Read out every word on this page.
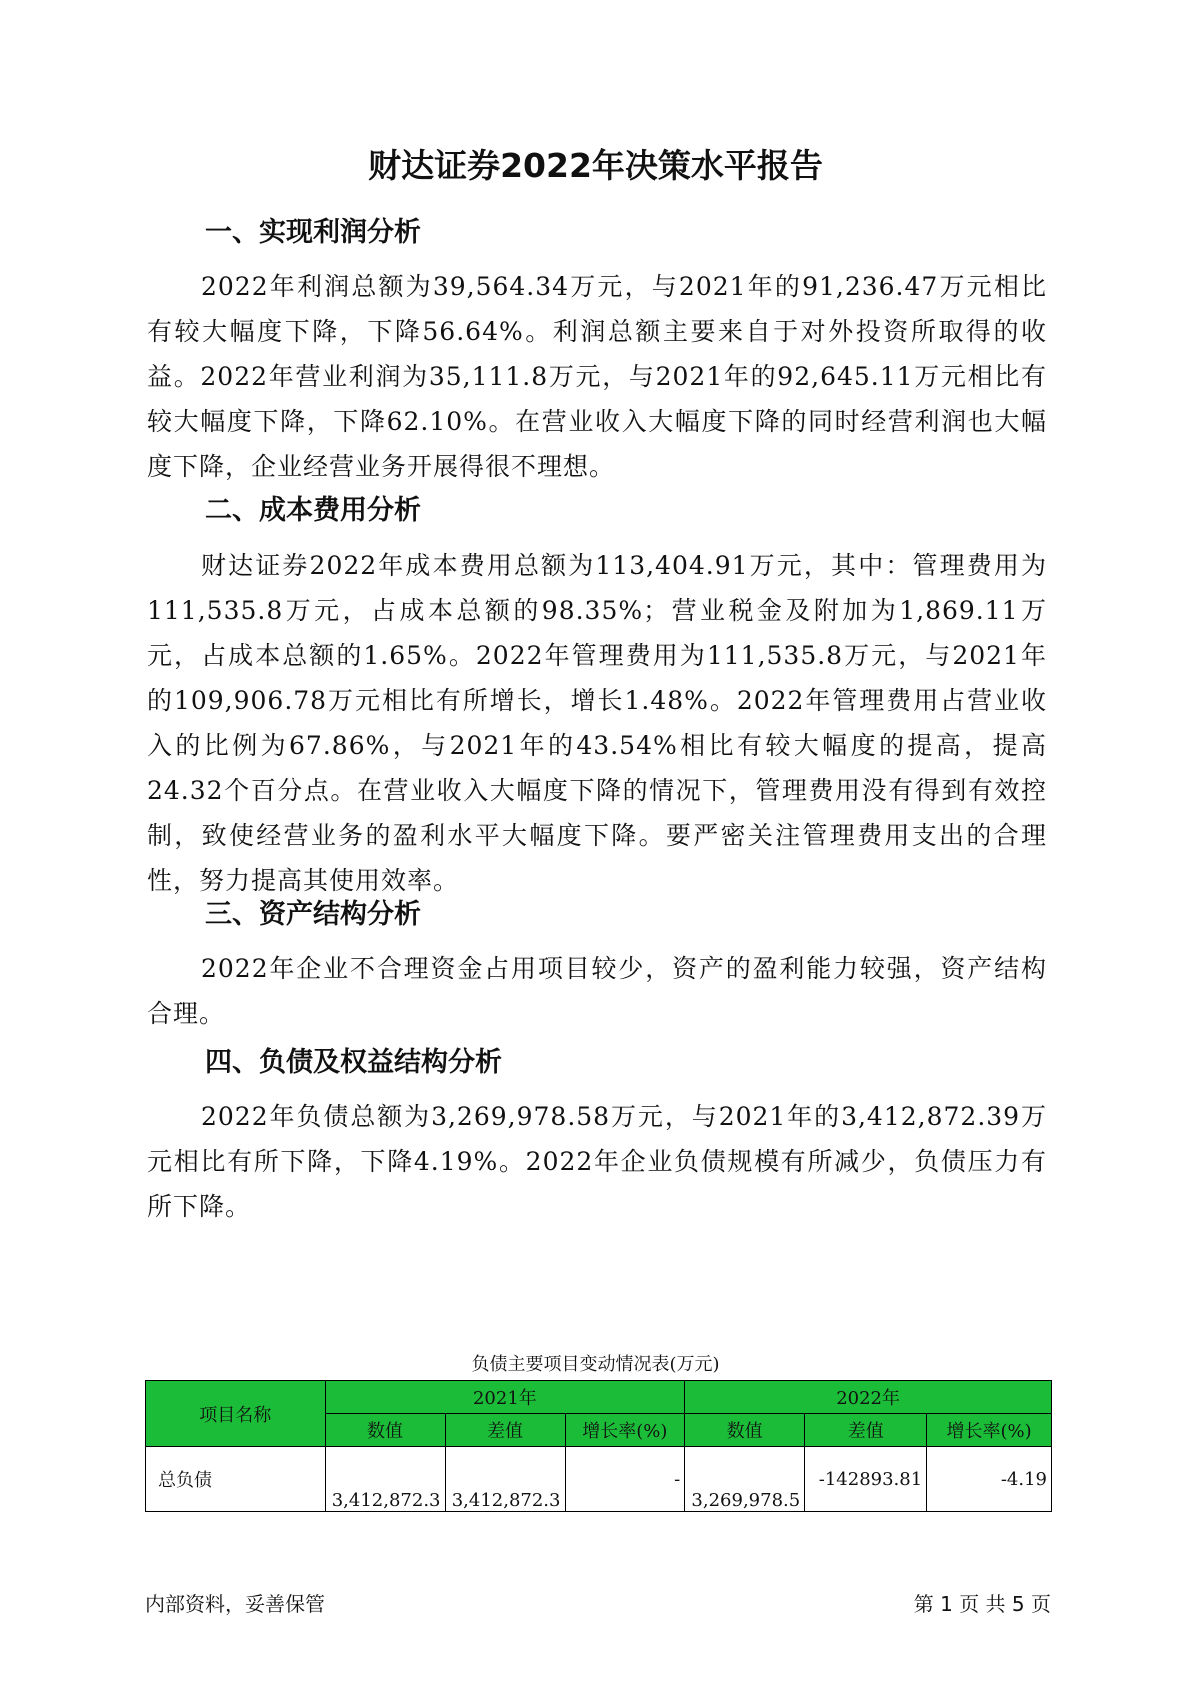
财达证券2022年决策水平报告
一、实现利润分析
2022年利润总额为39,564.34万元，与2021年的91,236.47万元相比有较大幅度下降，下降56.64%。利润总额主要来自于对外投资所取得的收益。2022年营业利润为35,111.8万元，与2021年的92,645.11万元相比有较大幅度下降，下降62.10%。在营业收入大幅度下降的同时经营利润也大幅度下降，企业经营业务开展得很不理想。
二、成本费用分析
财达证券2022年成本费用总额为113,404.91万元，其中：管理费用为111,535.8万元，占成本总额的98.35%；营业税金及附加为1,869.11万元，占成本总额的1.65%。2022年管理费用为111,535.8万元，与2021年的109,906.78万元相比有所增长，增长1.48%。2022年管理费用占营业收入的比例为67.86%，与2021年的43.54%相比有较大幅度的提高，提高24.32个百分点。在营业收入大幅度下降的情况下，管理费用没有得到有效控制，致使经营业务的盈利水平大幅度下降。要严密关注管理费用支出的合理性，努力提高其使用效率。
三、资产结构分析
2022年企业不合理资金占用项目较少，资产的盈利能力较强，资产结构合理。
四、负债及权益结构分析
2022年负债总额为3,269,978.58万元，与2021年的3,412,872.39万元相比有所下降，下降4.19%。2022年企业负债规模有所减少，负债压力有所下降。
负债主要项目变动情况表(万元)
项目名称	2021年			2022年		
	数值	差值	增长率(%)	数值	差值	增长率(%)
总负债	3,412,872.3	3,412,872.3	-	3,269,978.5	-142893.81	-4.19
内部资料，妥善保管	第 1 页 共 5 页
